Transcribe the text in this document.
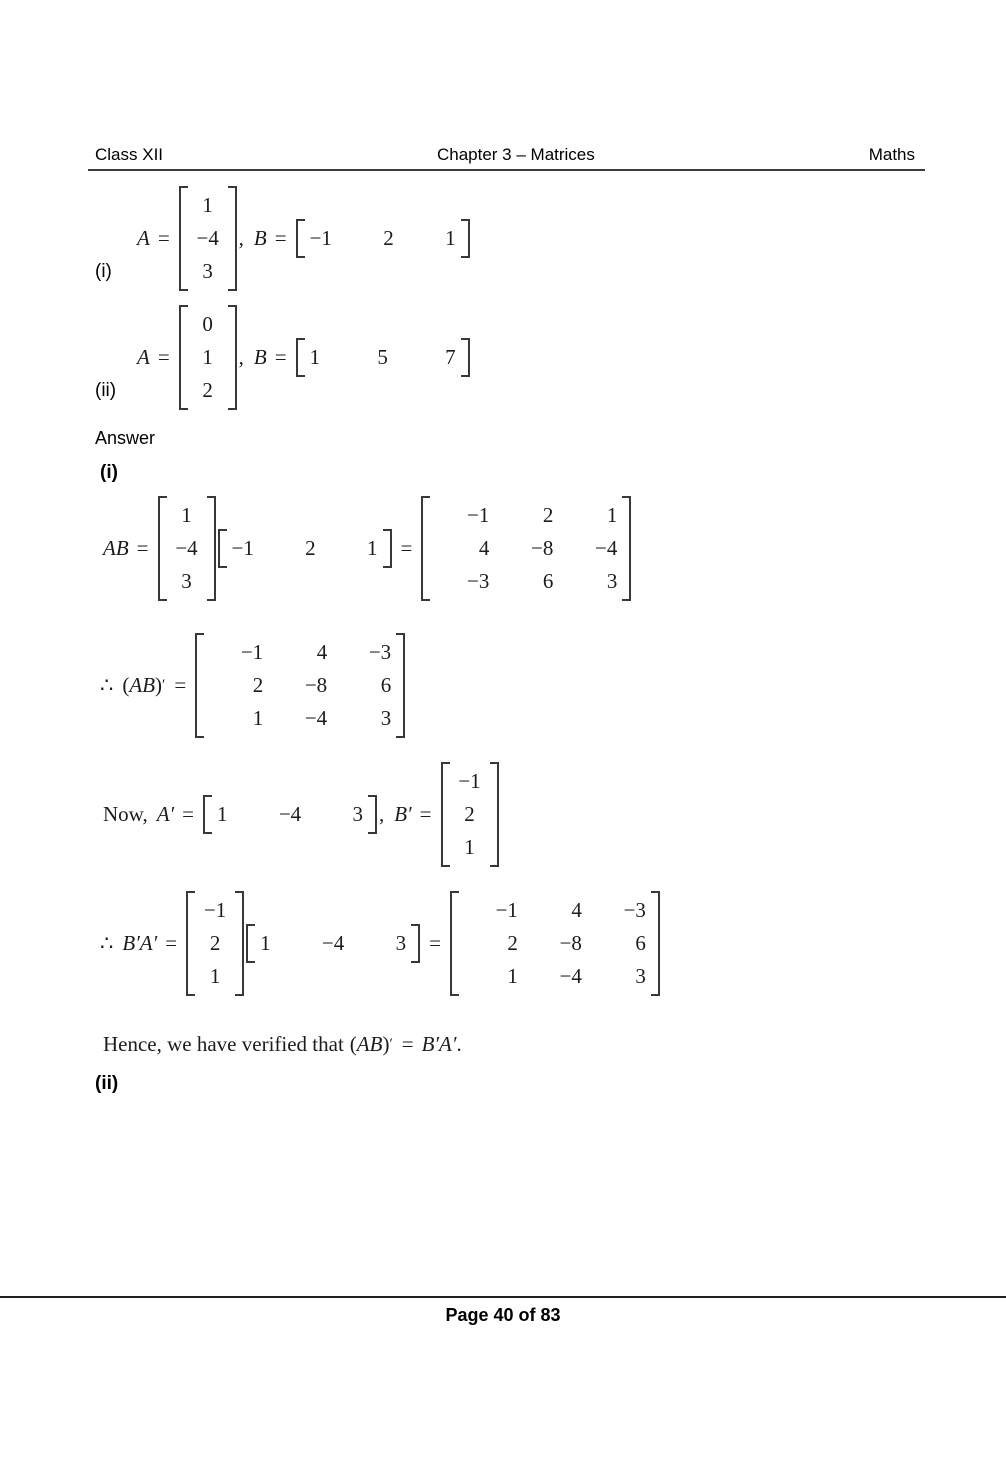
Class XII	Chapter 3 – Matrices	Maths
(i)
A =
1
−4
3
, B = −1 2 1
(ii)
A =
0
1
2
, B = 1	5	7
Answer
(i)
AB =
1
−4
3
−1 2 1 =
−1	2	1
4	−8	−4
−3	6	3
∴ ( AB ) ′ =
−1	4	−3
2	−8	6
1	−4	3
Now, A′ = 1 −4 3 , B′ =
−1
2
1
∴ B′A′ =
−1
2
1
1 −4 3 =
−1	4	−3
2	−8	6
1	−4	3
Hence, we have verified that ( AB ) ′ = B′A′ .
(ii)
Page 40 of 83
